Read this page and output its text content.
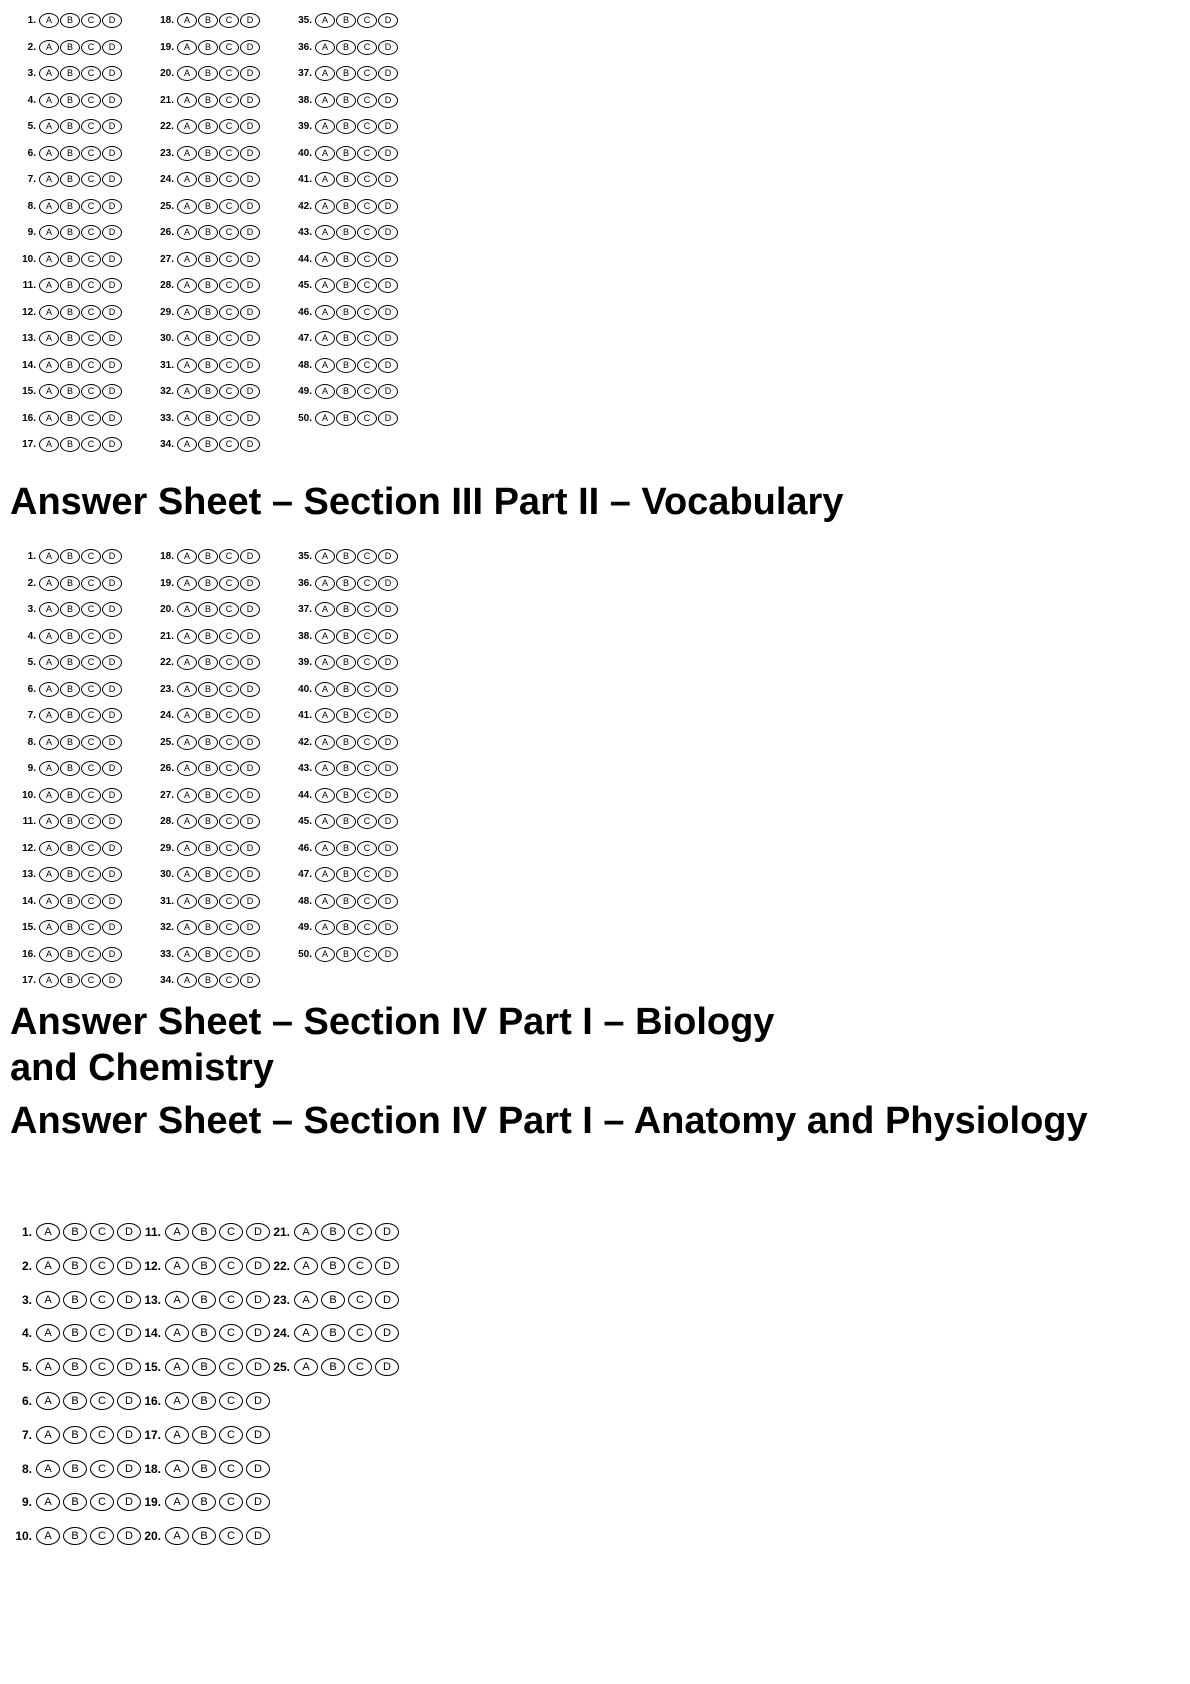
1.	A	B	C	D
2.	A	B	C	D
3.	A	B	C	D
4.	A	B	C	D
5.	A	B	C	D
6.	A	B	C	D
7.	A	B	C	D
8.	A	B	C	D
9.	A	B	C	D
10.	A	B	C	D
11.	A	B	C	D
12.	A	B	C	D
13.	A	B	C	D
14.	A	B	C	D
15.	A	B	C	D
16.	A	B	C	D
17.	A	B	C	D
18.	A	B	C	D
19.	A	B	C	D
20.	A	B	C	D
21.	A	B	C	D
22.	A	B	C	D
23.	A	B	C	D
24.	A	B	C	D
25.	A	B	C	D
26.	A	B	C	D
27.	A	B	C	D
28.	A	B	C	D
29.	A	B	C	D
30.	A	B	C	D
31.	A	B	C	D
32.	A	B	C	D
33.	A	B	C	D
34.	A	B	C	D
35.	A	B	C	D
36.	A	B	C	D
37.	A	B	C	D
38.	A	B	C	D
39.	A	B	C	D
40.	A	B	C	D
41.	A	B	C	D
42.	A	B	C	D
43.	A	B	C	D
44.	A	B	C	D
45.	A	B	C	D
46.	A	B	C	D
47.	A	B	C	D
48.	A	B	C	D
49.	A	B	C	D
50.	A	B	C	D
Answer Sheet – Section III Part II – Vocabulary
1.	A	B	C	D
2.	A	B	C	D
3.	A	B	C	D
4.	A	B	C	D
5.	A	B	C	D
6.	A	B	C	D
7.	A	B	C	D
8.	A	B	C	D
9.	A	B	C	D
10.	A	B	C	D
11.	A	B	C	D
12.	A	B	C	D
13.	A	B	C	D
14.	A	B	C	D
15.	A	B	C	D
16.	A	B	C	D
17.	A	B	C	D
18.	A	B	C	D
19.	A	B	C	D
20.	A	B	C	D
21.	A	B	C	D
22.	A	B	C	D
23.	A	B	C	D
24.	A	B	C	D
25.	A	B	C	D
26.	A	B	C	D
27.	A	B	C	D
28.	A	B	C	D
29.	A	B	C	D
30.	A	B	C	D
31.	A	B	C	D
32.	A	B	C	D
33.	A	B	C	D
34.	A	B	C	D
35.	A	B	C	D
36.	A	B	C	D
37.	A	B	C	D
38.	A	B	C	D
39.	A	B	C	D
40.	A	B	C	D
41.	A	B	C	D
42.	A	B	C	D
43.	A	B	C	D
44.	A	B	C	D
45.	A	B	C	D
46.	A	B	C	D
47.	A	B	C	D
48.	A	B	C	D
49.	A	B	C	D
50.	A	B	C	D
Answer Sheet – Section IV Part I – Biology
and Chemistry
Answer Sheet – Section IV Part I – Anatomy and Physiology
1.	A	B	C	D
2.	A	B	C	D
3.	A	B	C	D
4.	A	B	C	D
5.	A	B	C	D
6.	A	B	C	D
7.	A	B	C	D
8.	A	B	C	D
9.	A	B	C	D
10.	A	B	C	D
11.	A	B	C	D
12.	A	B	C	D
13.	A	B	C	D
14.	A	B	C	D
15.	A	B	C	D
16.	A	B	C	D
17.	A	B	C	D
18.	A	B	C	D
19.	A	B	C	D
20.	A	B	C	D
21.	A	B	C	D
22.	A	B	C	D
23.	A	B	C	D
24.	A	B	C	D
25.	A	B	C	D
